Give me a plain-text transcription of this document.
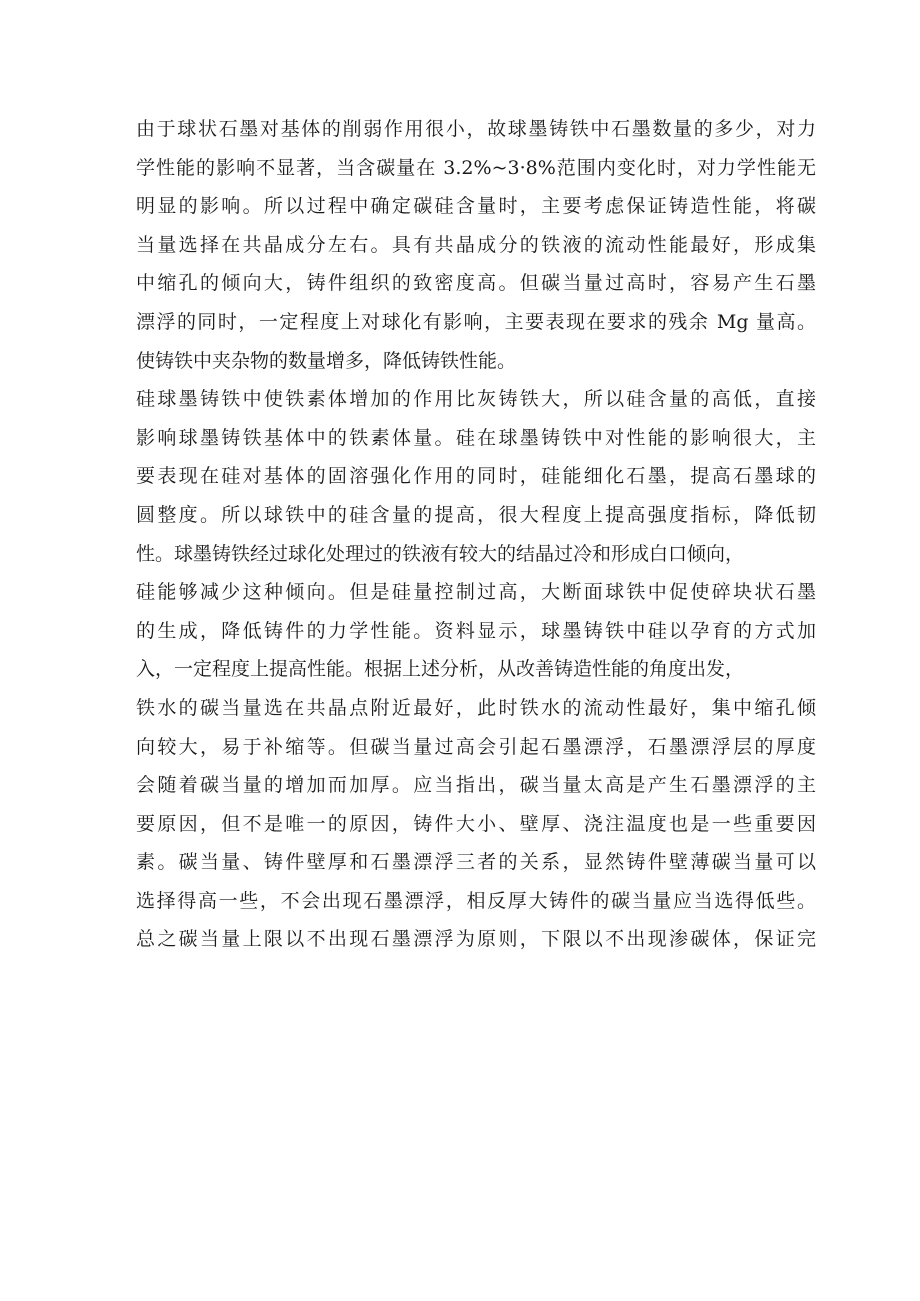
由于球状石墨对基体的削弱作用很小，故球墨铸铁中石墨数量的多少，对力
学性能的影响不显著，当含碳量在 3.2%~3·8%范围内变化时，对力学性能无
明显的影响。所以过程中确定碳硅含量时，主要考虑保证铸造性能，将碳
当量选择在共晶成分左右。具有共晶成分的铁液的流动性能最好，形成集
中缩孔的倾向大，铸件组织的致密度高。但碳当量过高时，容易产生石墨
漂浮的同时，一定程度上对球化有影响，主要表现在要求的残余 Mg 量高。
使铸铁中夹杂物的数量增多，降低铸铁性能。
硅球墨铸铁中使铁素体增加的作用比灰铸铁大，所以硅含量的高低，直接
影响球墨铸铁基体中的铁素体量。硅在球墨铸铁中对性能的影响很大，主
要表现在硅对基体的固溶强化作用的同时，硅能细化石墨，提高石墨球的
圆整度。所以球铁中的硅含量的提高，很大程度上提高强度指标，降低韧
性。球墨铸铁经过球化处理过的铁液有较大的结晶过冷和形成白口倾向，
硅能够减少这种倾向。但是硅量控制过高，大断面球铁中促使碎块状石墨
的生成，降低铸件的力学性能。资料显示，球墨铸铁中硅以孕育的方式加
入，一定程度上提高性能。根据上述分析，从改善铸造性能的角度出发，
铁水的碳当量选在共晶点附近最好，此时铁水的流动性最好，集中缩孔倾
向较大，易于补缩等。但碳当量过高会引起石墨漂浮，石墨漂浮层的厚度
会随着碳当量的增加而加厚。应当指出，碳当量太高是产生石墨漂浮的主
要原因，但不是唯一的原因，铸件大小、壁厚、浇注温度也是一些重要因
素。碳当量、铸件壁厚和石墨漂浮三者的关系，显然铸件壁薄碳当量可以
选择得高一些，不会出现石墨漂浮，相反厚大铸件的碳当量应当选得低些。
总之碳当量上限以不出现石墨漂浮为原则，下限以不出现渗碳体，保证完
